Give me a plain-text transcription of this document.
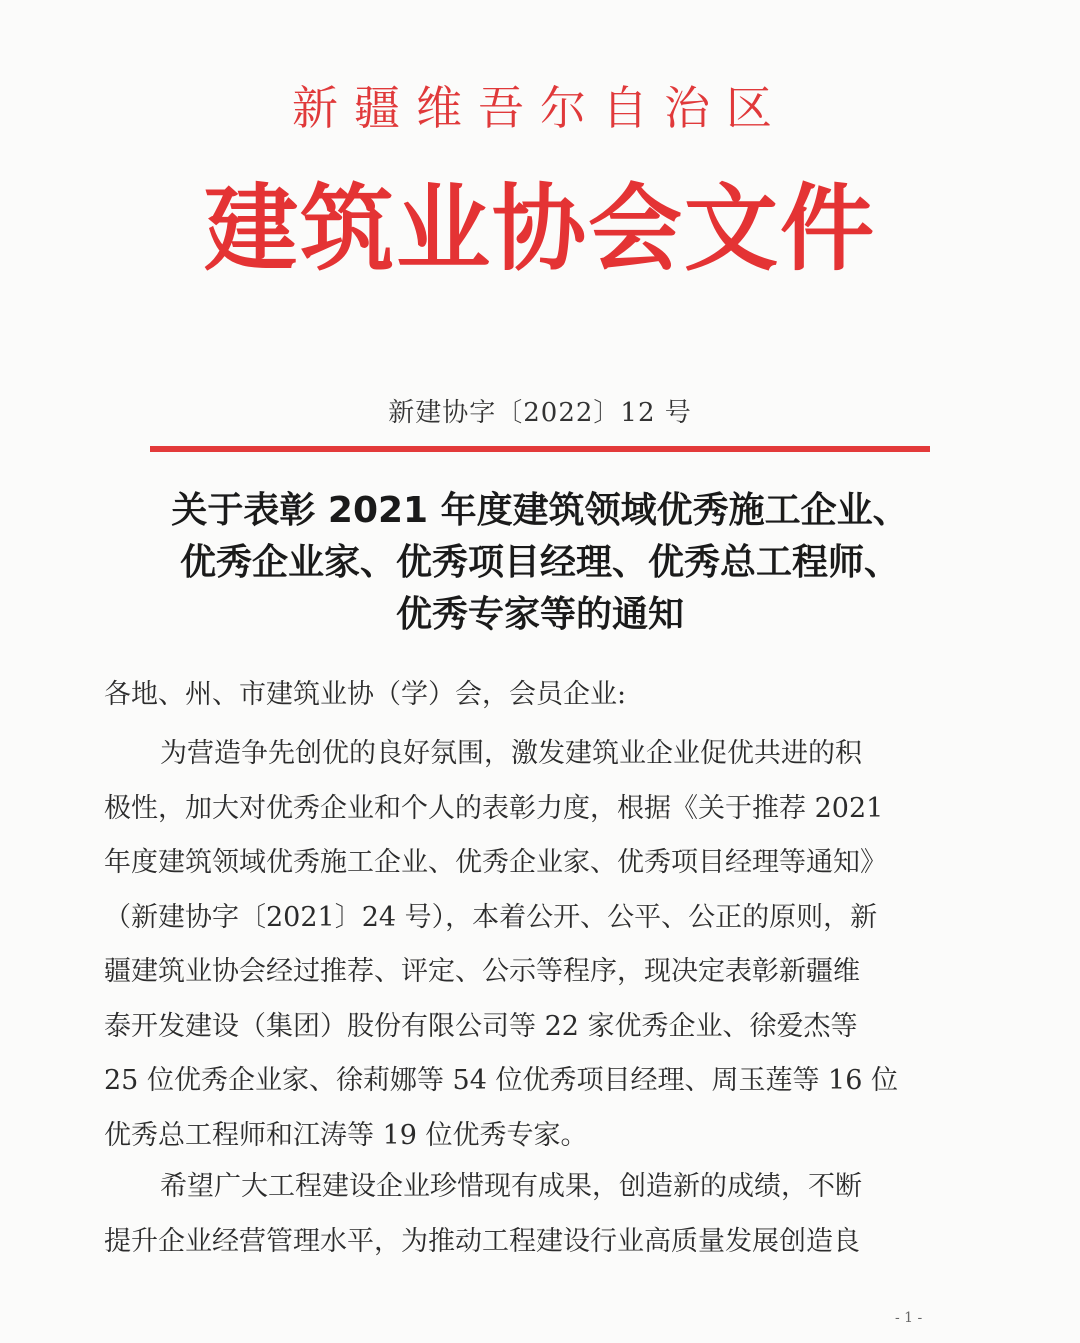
新疆维吾尔自治区
建筑业协会文件
新建协字〔2022〕12 号
关于表彰 2021 年度建筑领域优秀施工企业、
优秀企业家、优秀项目经理、优秀总工程师、
优秀专家等的通知
各地、州、市建筑业协（学）会，会员企业:
为营造争先创优的良好氛围，激发建筑业企业促优共进的积
极性，加大对优秀企业和个人的表彰力度，根据《关于推荐 2021
年度建筑领域优秀施工企业、优秀企业家、优秀项目经理等通知》
（新建协字〔2021〕24 号），本着公开、公平、公正的原则，新
疆建筑业协会经过推荐、评定、公示等程序，现决定表彰新疆维
泰开发建设（集团）股份有限公司等 22 家优秀企业、徐爱杰等
25 位优秀企业家、徐莉娜等 54 位优秀项目经理、周玉莲等 16 位
优秀总工程师和江涛等 19 位优秀专家。
希望广大工程建设企业珍惜现有成果，创造新的成绩，不断
提升企业经营管理水平，为推动工程建设行业高质量发展创造良
- 1 -
